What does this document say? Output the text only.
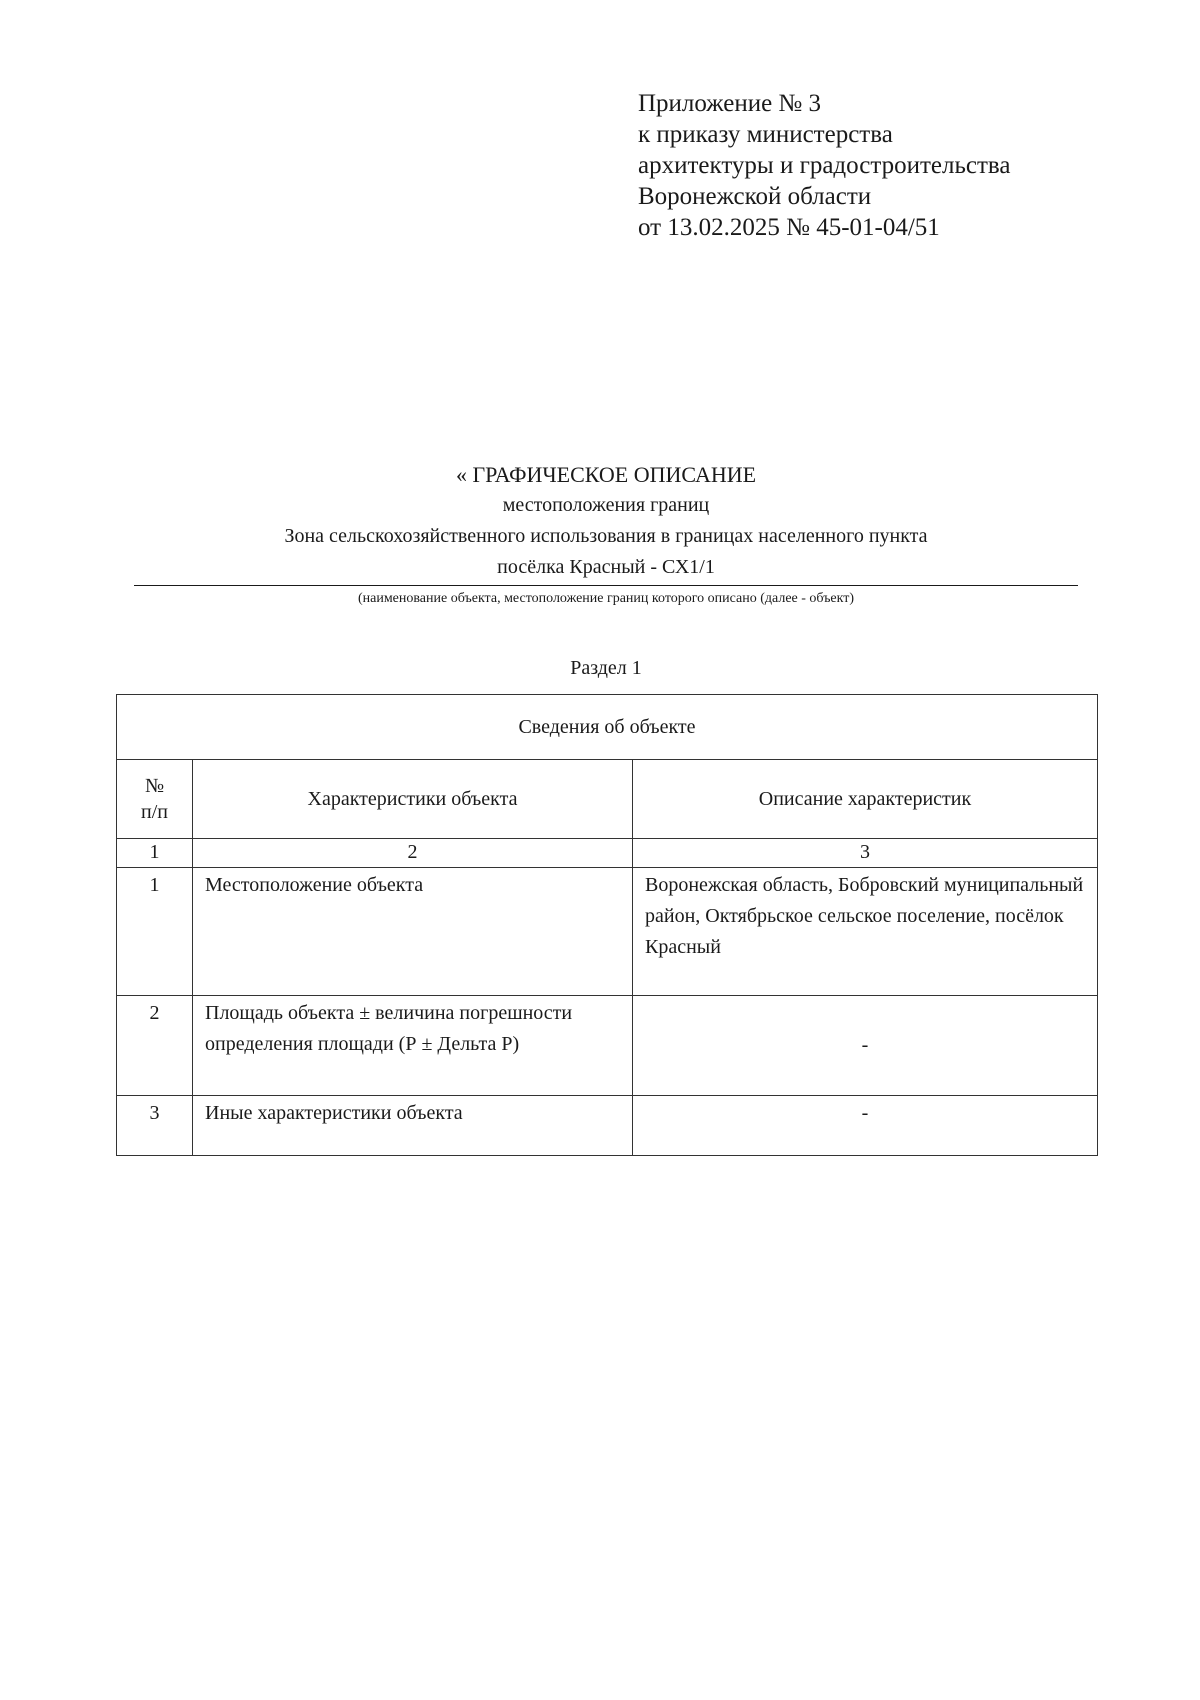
Приложение № 3
к приказу министерства
архитектуры и градостроительства
Воронежской области
от 13.02.2025 № 45-01-04/51
« ГРАФИЧЕСКОЕ ОПИСАНИЕ
местоположения границ
Зона сельскохозяйственного использования в границах населенного пункта
посёлка Красный - СХ1/1
(наименование объекта, местоположение границ которого описано (далее - объект)
Раздел 1
Сведения об объекте		

№
п/п	Характеристики объекта	Описание характеристик
1	2	3
1	Местоположение объекта	Воронежская область, Бобровский муниципальный район, Октябрьское сельское поселение, посёлок Красный
2	Площадь объекта ± величина погрешности определения площади (Р ± Дельта Р)	-
3	Иные характеристики объекта	-
